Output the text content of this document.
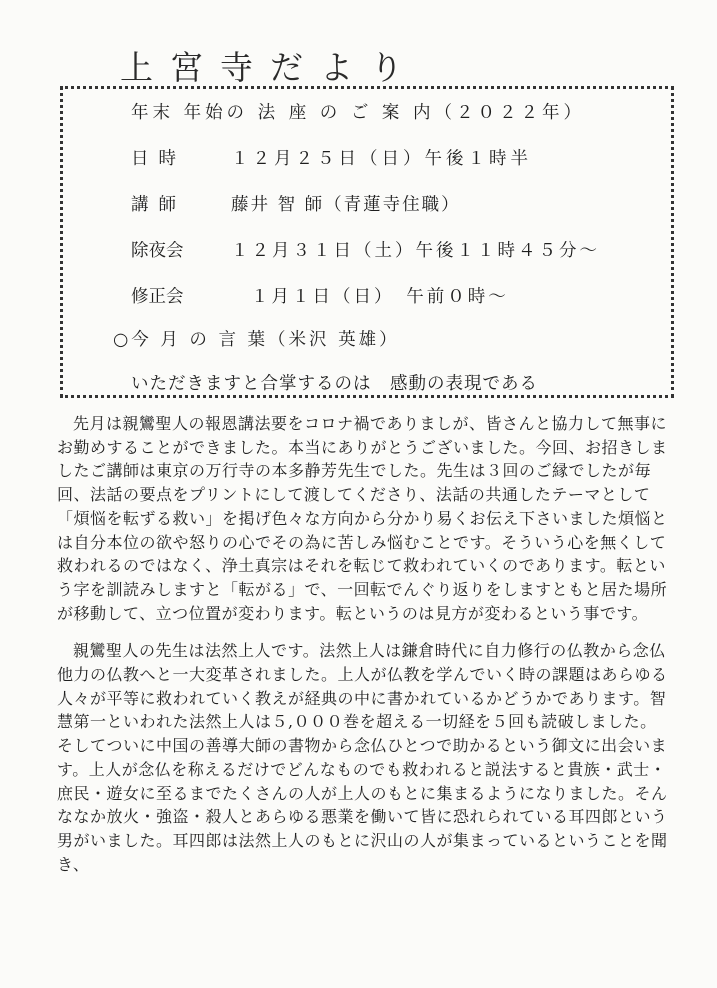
上宮寺だより
年末 年始の 法 座 の ご 案 内（２０２２年）
日時	１２月２５日（日）午後１時半
講師	藤井 智 師（青蓮寺住職）
除夜会	１２月３１日（土）午後１１時４５分～
修正会	１月１日（日）　午前０時～
○今 月 の 言 葉（米沢 英雄）
いただきますと合掌するのは　感動の表現である

先月は親鸞聖人の報恩講法要をコロナ禍でありましが、皆さんと協力して無事にお勤めすることができました。本当にありがとうございました。今回、お招きしましたご講師は東京の万行寺の本多静芳先生でした。先生は３回のご縁でしたが毎回、法話の要点をプリントにして渡してくださり、法話の共通したテーマとして「煩悩を転ずる救い」を掲げ色々な方向から分かり易くお伝え下さいました煩悩とは自分本位の欲や怒りの心でその為に苦しみ悩むことです。そういう心を無くして救われるのではなく、浄土真宗はそれを転じて救われていくのであります。転という字を訓読みしますと「転がる」で、一回転でんぐり返りをしますともと居た場所が移動して、立つ位置が変わります。転というのは見方が変わるという事です。

親鸞聖人の先生は法然上人です。法然上人は鎌倉時代に自力修行の仏教から念仏他力の仏教へと一大変革されました。上人が仏教を学んでいく時の課題はあらゆる人々が平等に救われていく教えが経典の中に書かれているかどうかであります。智慧第一といわれた法然上人は５,０００巻を超える一切経を５回も読破しました。そしてついに中国の善導大師の書物から念仏ひとつで助かるという御文に出会います。上人が念仏を称えるだけでどんなものでも救われると説法すると貴族・武士・庶民・遊女に至るまでたくさんの人が上人のもとに集まるようになりました。そんななか放火・強盗・殺人とあらゆる悪業を働いて皆に恐れられている耳四郎という男がいました。耳四郎は法然上人のもとに沢山の人が集まっているということを聞き、
